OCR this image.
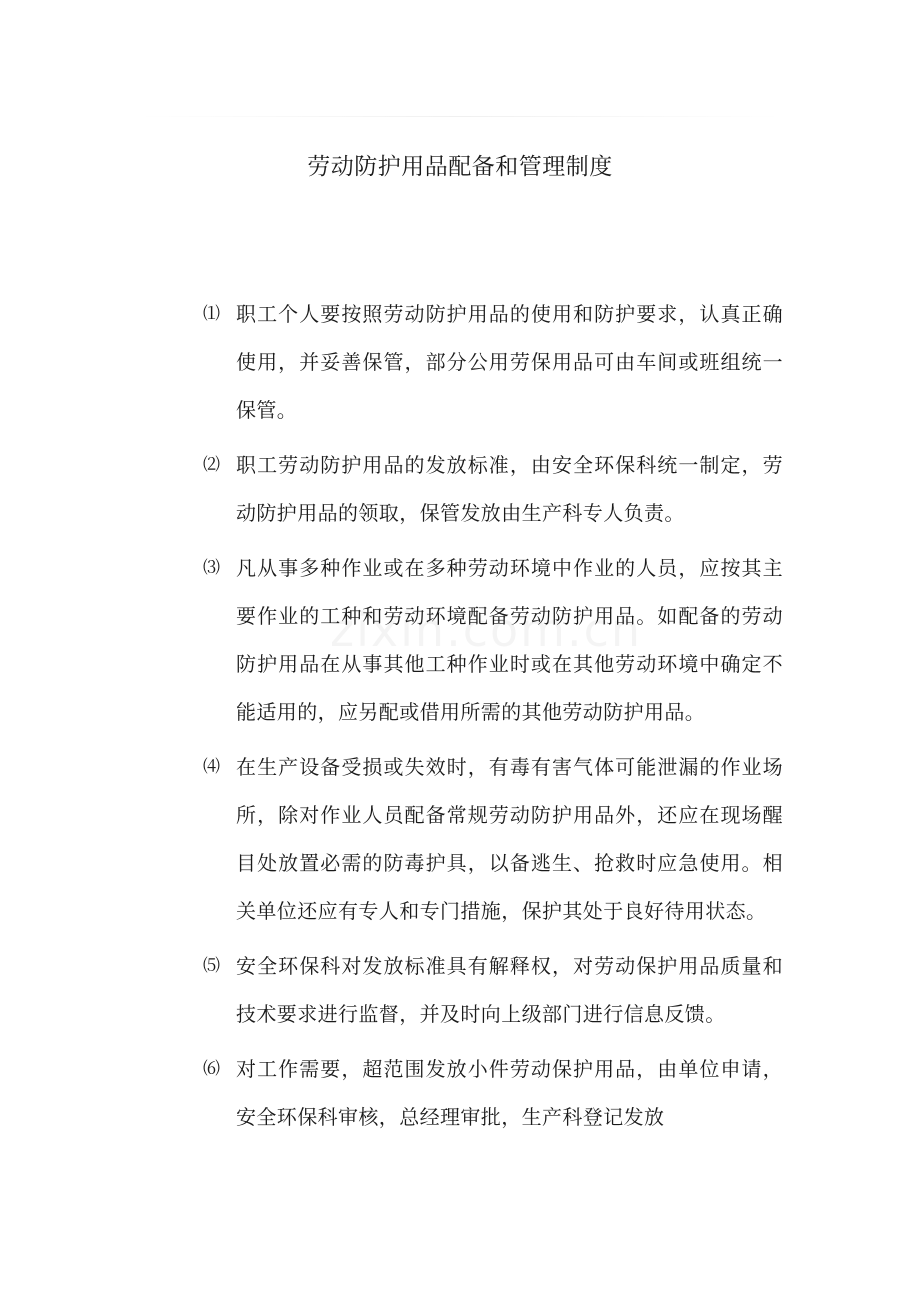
劳动防护用品配备和管理制度
⑴ 职工个人要按照劳动防护用品的使用和防护要求，认真正确使用，并妥善保管，部分公用劳保用品可由车间或班组统一保管。
⑵ 职工劳动防护用品的发放标准，由安全环保科统一制定，劳动防护用品的领取，保管发放由生产科专人负责。
⑶ 凡从事多种作业或在多种劳动环境中作业的人员，应按其主要作业的工种和劳动环境配备劳动防护用品。如配备的劳动防护用品在从事其他工种作业时或在其他劳动环境中确定不能适用的，应另配或借用所需的其他劳动防护用品。
⑷ 在生产设备受损或失效时，有毒有害气体可能泄漏的作业场所，除对作业人员配备常规劳动防护用品外，还应在现场醒目处放置必需的防毒护具，以备逃生、抢救时应急使用。相关单位还应有专人和专门措施，保护其处于良好待用状态。
⑸ 安全环保科对发放标准具有解释权，对劳动保护用品质量和技术要求进行监督，并及时向上级部门进行信息反馈。
⑹ 对工作需要，超范围发放小件劳动保护用品，由单位申请，安全环保科审核，总经理审批，生产科登记发放
